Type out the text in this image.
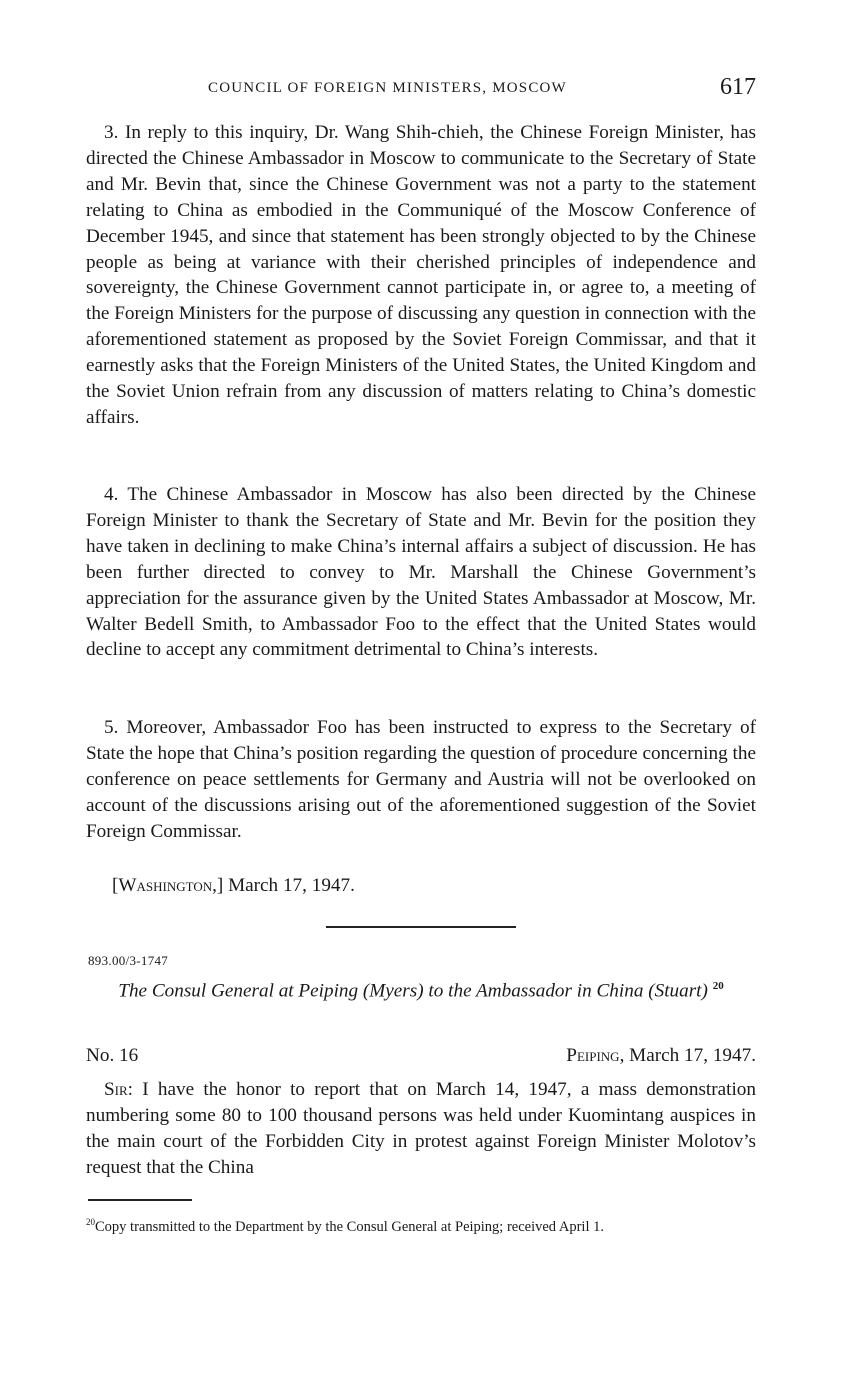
COUNCIL OF FOREIGN MINISTERS, MOSCOW	617

3. In reply to this inquiry, Dr. Wang Shih-chieh, the Chinese Foreign Minister, has directed the Chinese Ambassador in Moscow to communicate to the Secretary of State and Mr. Bevin that, since the Chinese Government was not a party to the statement relating to China as embodied in the Communiqué of the Moscow Conference of December 1945, and since that statement has been strongly objected to by the Chinese people as being at variance with their cherished principles of independence and sovereignty, the Chinese Government cannot participate in, or agree to, a meeting of the Foreign Ministers for the purpose of discussing any question in connection with the aforementioned statement as proposed by the Soviet Foreign Commissar, and that it earnestly asks that the Foreign Ministers of the United States, the United Kingdom and the Soviet Union refrain from any discussion of matters relating to China’s domestic affairs.

4. The Chinese Ambassador in Moscow has also been directed by the Chinese Foreign Minister to thank the Secretary of State and Mr. Bevin for the position they have taken in declining to make China’s internal affairs a subject of discussion. He has been further directed to convey to Mr. Marshall the Chinese Government’s appreciation for the assurance given by the United States Ambassador at Moscow, Mr. Walter Bedell Smith, to Ambassador Foo to the effect that the United States would decline to accept any commitment detrimental to China’s interests.

5. Moreover, Ambassador Foo has been instructed to express to the Secretary of State the hope that China’s position regarding the question of procedure concerning the conference on peace settlements for Germany and Austria will not be overlooked on account of the discussions arising out of the aforementioned suggestion of the Soviet Foreign Commissar.

[Washington,] March 17, 1947.
893.00/3-1747

The Consul General at Peiping (Myers) to the Ambassador in China (Stuart) $^{20}$

No. 16	Peiping, March 17, 1947.

Sir: I have the honor to report that on March 14, 1947, a mass demonstration numbering some 80 to 100 thousand persons was held under Kuomintang auspices in the main court of the Forbidden City in protest against Foreign Minister Molotov’s request that the China

$^{20}$Copy transmitted to the Department by the Consul General at Peiping; received April 1.
